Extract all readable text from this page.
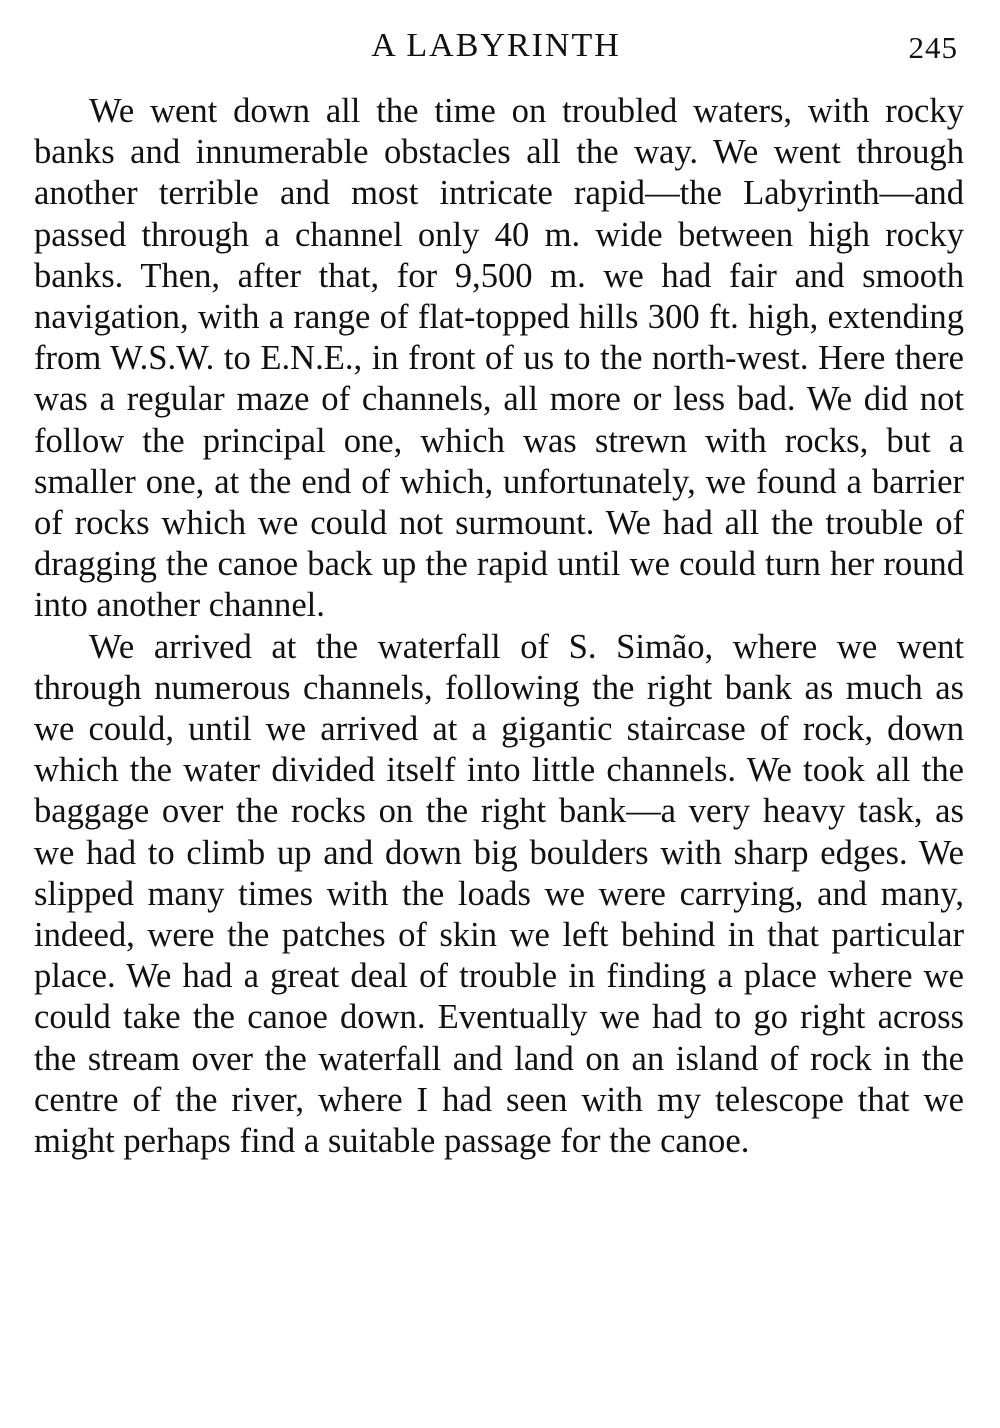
A LABYRINTH	245

We went down all the time on troubled waters, with rocky banks and innumerable obstacles all the way. We went through another terrible and most intricate rapid—the Labyrinth—and passed through a channel only 40 m. wide between high rocky banks. Then, after that, for 9,500 m. we had fair and smooth navigation, with a range of flat-topped hills 300 ft. high, extending from W.S.W. to E.N.E., in front of us to the north-west. Here there was a regular maze of channels, all more or less bad. We did not follow the principal one, which was strewn with rocks, but a smaller one, at the end of which, unfortunately, we found a barrier of rocks which we could not surmount. We had all the trouble of dragging the canoe back up the rapid until we could turn her round into another channel.

We arrived at the waterfall of S. Simão, where we went through numerous channels, following the right bank as much as we could, until we arrived at a gigantic staircase of rock, down which the water divided itself into little channels. We took all the baggage over the rocks on the right bank—a very heavy task, as we had to climb up and down big boulders with sharp edges. We slipped many times with the loads we were carrying, and many, indeed, were the patches of skin we left behind in that particular place. We had a great deal of trouble in finding a place where we could take the canoe down. Eventually we had to go right across the stream over the waterfall and land on an island of rock in the centre of the river, where I had seen with my telescope that we might perhaps find a suitable passage for the canoe.
